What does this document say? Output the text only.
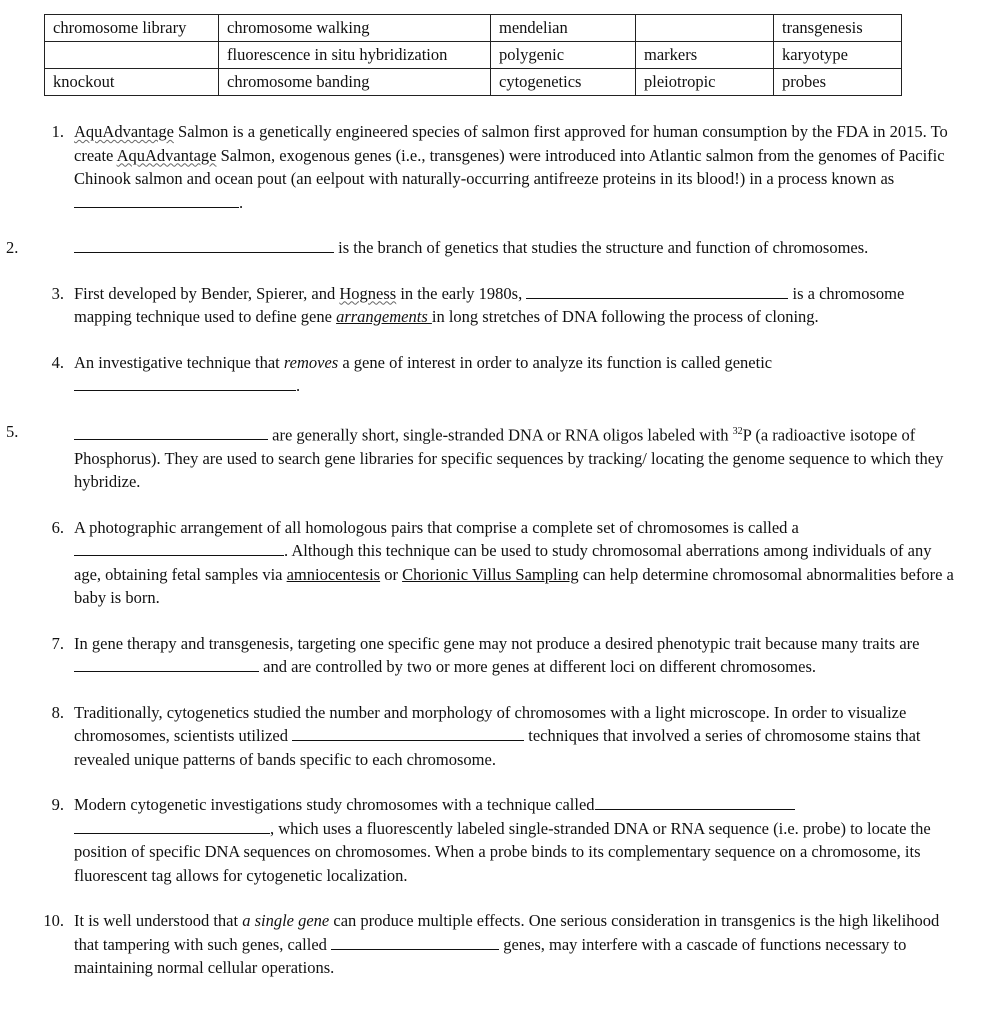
chromosome library	chromosome walking	mendelian		transgenesis
	fluorescence in situ hybridization	polygenic	markers	karyotype
knockout	chromosome banding	cytogenetics	pleiotropic	probes
1. AquAdvantage Salmon is a genetically engineered species of salmon first approved for human consumption by the FDA in 2015. To create AquAdvantage Salmon, exogenous genes (i.e., transgenes) were introduced into Atlantic salmon from the genomes of Pacific Chinook salmon and ocean pout (an eelpout with naturally-occurring antifreeze proteins in its blood!) in a process known as .
2.	is the branch of genetics that studies the structure and function of chromosomes.
3. First developed by Bender, Spierer, and Hogness in the early 1980s,	is a chromosome mapping technique used to define gene arrangements in long stretches of DNA following the process of cloning.
4. An investigative technique that removes a gene of interest in order to analyze its function is called genetic
.
5.	are generally short, single-stranded DNA or RNA oligos labeled with $^{32}$P (a radioactive isotope of Phosphorus). They are used to search gene libraries for specific sequences by tracking/ locating the genome sequence to which they hybridize.
6. A photographic arrangement of all homologous pairs that comprise a complete set of chromosomes is called a
. Although this technique can be used to study chromosomal aberrations among individuals of any age, obtaining fetal samples via amniocentesis or Chorionic Villus Sampling can help determine chromosomal abnormalities before a baby is born.
7. In gene therapy and transgenesis, targeting one specific gene may not produce a desired phenotypic trait because many traits are  and are controlled by two or more genes at different loci on different chromosomes.
8. Traditionally, cytogenetics studied the number and morphology of chromosomes with a light microscope. In order to visualize chromosomes, scientists utilized	techniques that involved a series of chromosome stains that revealed unique patterns of bands specific to each chromosome.
9. Modern cytogenetic investigations study chromosomes with a technique called
, which uses a fluorescently labeled single-stranded DNA or RNA sequence (i.e. probe) to locate the position of specific DNA sequences on chromosomes. When a probe binds to its complementary sequence on a chromosome, its fluorescent tag allows for cytogenetic localization.
10. It is well understood that a single gene can produce multiple effects. One serious consideration in transgenics is the high likelihood that tampering with such genes, called	genes, may interfere with a cascade of functions necessary to maintaining normal cellular operations.
